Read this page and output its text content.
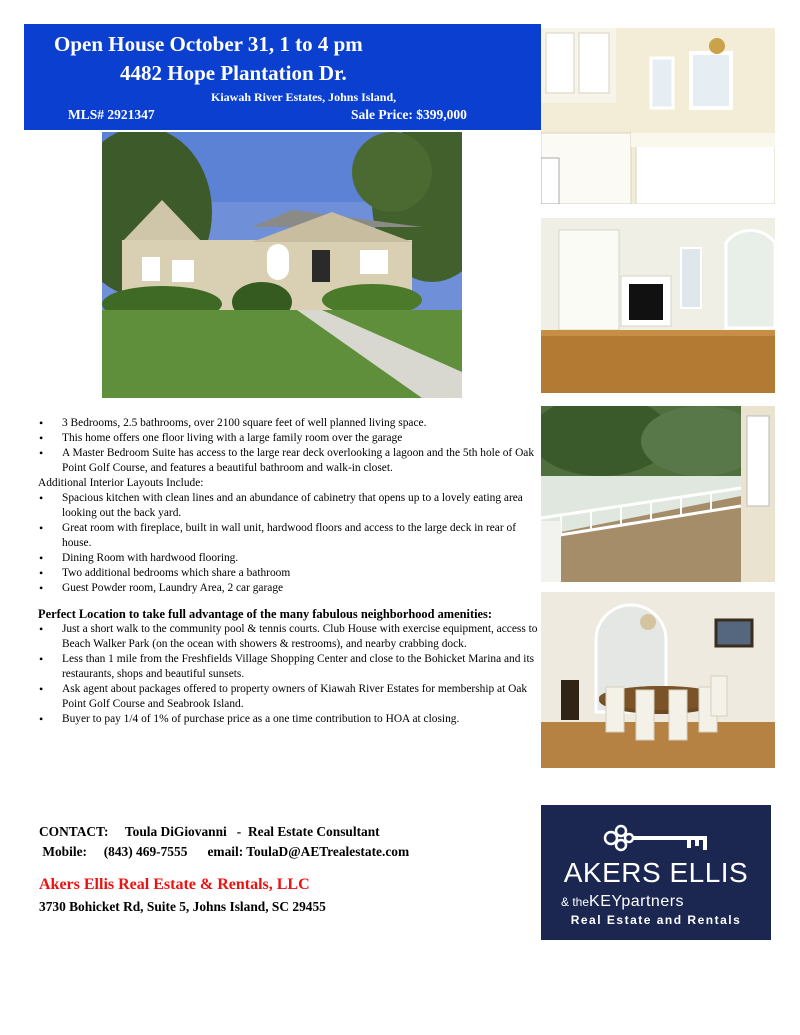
Open House October 31, 1 to 4 pm
4482 Hope Plantation Dr.
Kiawah River Estates, Johns Island,
MLS# 2921347	Sale Price: $399,000
• 3 Bedrooms, 2.5 bathrooms, over 2100 square feet of well planned living space.
• This home offers one floor living with a large family room over the garage
• A Master Bedroom Suite has access to the large rear deck overlooking a lagoon and the 5th hole of Oak Point Golf Course, and features a beautiful bathroom and walk-in closet.
Additional Interior Layouts Include:
• Spacious kitchen with clean lines and an abundance of cabinetry that opens up to a lovely eating area looking out the back yard.
• Great room with fireplace, built in wall unit, hardwood floors and access to the large deck in rear of house.
• Dining Room with hardwood flooring.
• Two additional bedrooms which share a bathroom
• Guest Powder room, Laundry Area, 2 car garage
Perfect Location to take full advantage of the many fabulous neighborhood amenities:
• Just a short walk to the community pool & tennis courts. Club House with exercise equipment, access to Beach Walker Park (on the ocean with showers & restrooms), and nearby crabbing dock.
• Less than 1 mile from the Freshfields Village Shopping Center and close to the Bohicket Marina and its restaurants, shops and beautiful sunsets.
• Ask agent about packages offered to property owners of Kiawah River Estates for membership at Oak Point Golf Course and Seabrook Island.
• Buyer to pay 1/4 of 1% of purchase price as a one time contribution to HOA at closing.
CONTACT:     Toula DiGiovanni   -  Real Estate Consultant
Mobile:     (843) 469-7555      email: ToulaD@AETrealestate.com
Akers Ellis Real Estate & Rentals, LLC
3730 Bohicket Rd, Suite 5, Johns Island, SC 29455
AKERS ELLIS
& theKEYpartners
Real Estate and Rentals
